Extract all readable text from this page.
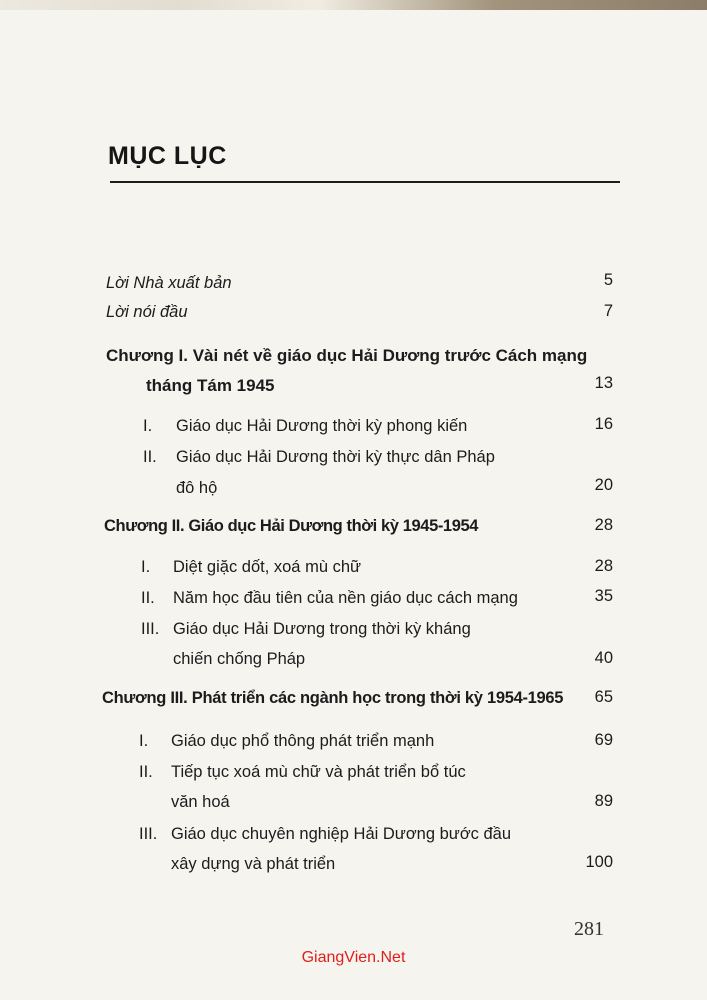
MỤC LỤC
Lời Nhà xuất bản	5
Lời nói đầu	7
Chương I. Vài nét về giáo dục Hải Dương trước Cách mạng
tháng Tám 1945	13
I. Giáo dục Hải Dương thời kỳ phong kiến	16
II. Giáo dục Hải Dương thời kỳ thực dân Pháp
đô hộ	20
Chương II. Giáo dục Hải Dương thời kỳ 1945-1954	28
I. Diệt giặc dốt, xoá mù chữ	28
II. Năm học đầu tiên của nền giáo dục cách mạng	35
III. Giáo dục Hải Dương trong thời kỳ kháng
chiến chống Pháp	40
Chương III. Phát triển các ngành học trong thời kỳ 1954-1965	65
I. Giáo dục phổ thông phát triển mạnh	69
II. Tiếp tục xoá mù chữ và phát triển bổ túc
văn hoá	89
III. Giáo dục chuyên nghiệp Hải Dương bước đầu
xây dựng và phát triển	100
281
GiangVien.Net
